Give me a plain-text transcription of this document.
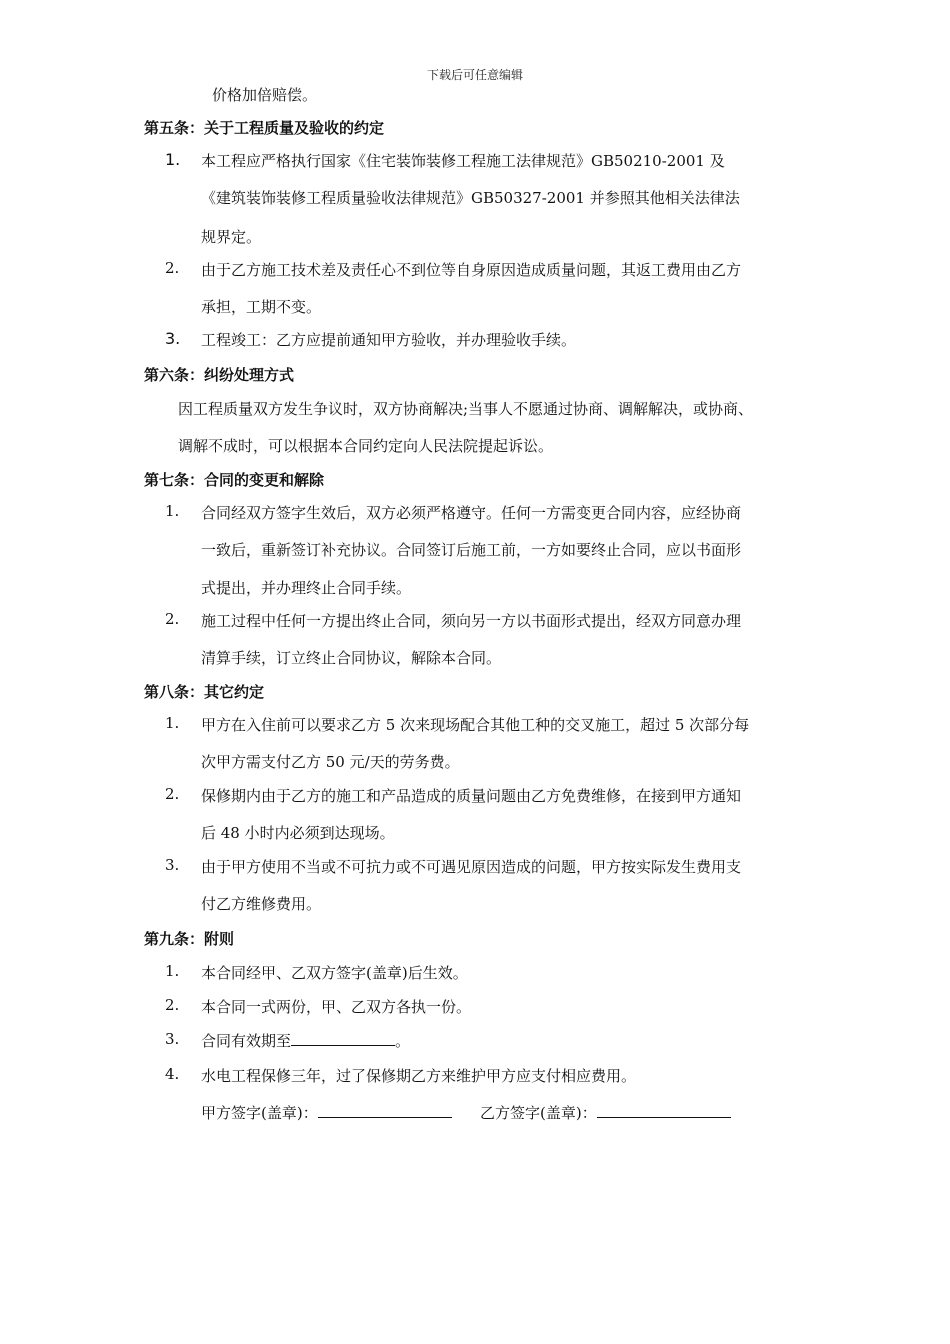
下载后可任意编辑
价格加倍赔偿。
第五条：关于工程质量及验收的约定
1. 本工程应严格执行国家《住宅装饰装修工程施工法律规范》GB50210-2001 及
《建筑装饰装修工程质量验收法律规范》GB50327-2001 并参照其他相关法律法
规界定。
2. 由于乙方施工技术差及责任心不到位等自身原因造成质量问题，其返工费用由乙方
承担，工期不变。
3. 工程竣工：乙方应提前通知甲方验收，并办理验收手续。
第六条：纠纷处理方式
因工程质量双方发生争议时，双方协商解决;当事人不愿通过协商、调解解决，或协商、
调解不成时，可以根据本合同约定向人民法院提起诉讼。
第七条：合同的变更和解除
1. 合同经双方签字生效后，双方必须严格遵守。任何一方需变更合同内容，应经协商
一致后，重新签订补充协议。合同签订后施工前，一方如要终止合同，应以书面形
式提出，并办理终止合同手续。
2. 施工过程中任何一方提出终止合同，须向另一方以书面形式提出，经双方同意办理
清算手续，订立终止合同协议，解除本合同。
第八条：其它约定
1. 甲方在入住前可以要求乙方 5 次来现场配合其他工种的交叉施工，超过 5 次部分每
次甲方需支付乙方 50 元/天的劳务费。
2. 保修期内由于乙方的施工和产品造成的质量问题由乙方免费维修，在接到甲方通知
后 48 小时内必须到达现场。
3. 由于甲方使用不当或不可抗力或不可遇见原因造成的问题，甲方按实际发生费用支
付乙方维修费用。
第九条：附则
1. 本合同经甲、乙双方签字(盖章)后生效。
2. 本合同一式两份，甲、乙双方各执一份。
3. 合同有效期至	。
4. 水电工程保修三年，过了保修期乙方来维护甲方应支付相应费用。
甲方签字(盖章)：	乙方签字(盖章)：
